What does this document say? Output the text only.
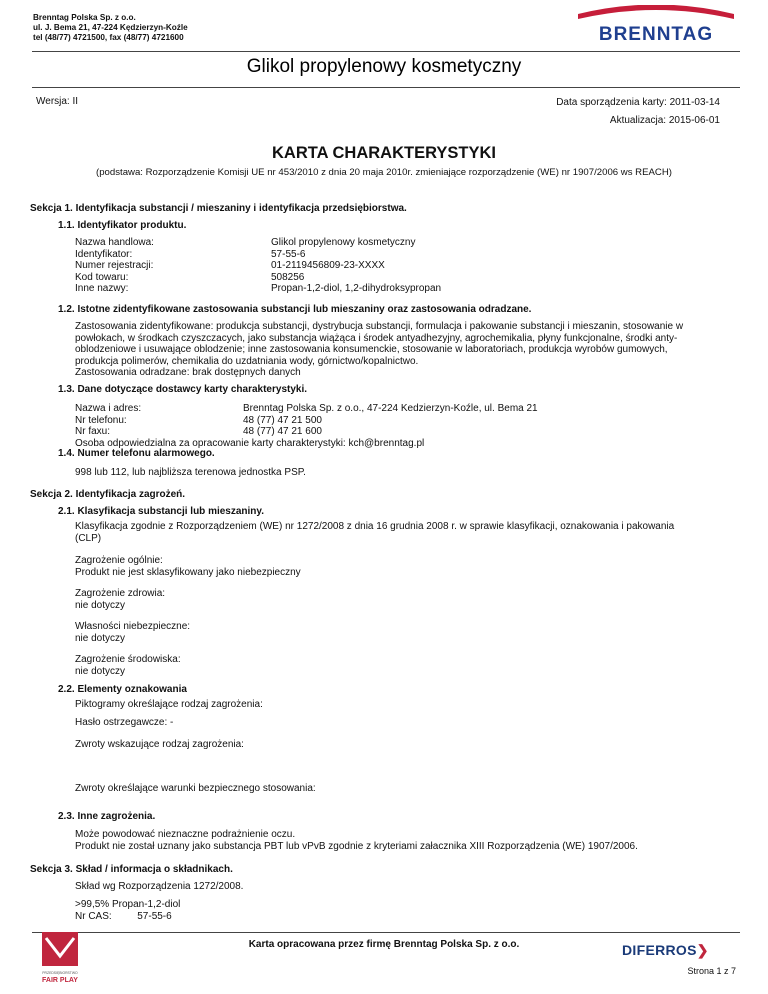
Brenntag Polska Sp. z o.o.
ul. J. Bema 21, 47-224 Kędzierzyn-Koźle
tel (48/77) 4721500, fax (48/77) 4721600	BRENNTAG
Glikol propylenowy kosmetyczny
Wersja: II	Data sporządzenia karty: 2011-03-14
Aktualizacja: 2015-06-01
KARTA CHARAKTERYSTYKI
(podstawa: Rozporządzenie Komisji UE nr 453/2010 z dnia 20 maja 2010r. zmieniające rozporządzenie (WE) nr 1907/2006 ws REACH)
Sekcja 1. Identyfikacja substancji / mieszaniny i identyfikacja przedsiębiorstwa.
1.1. Identyfikator produktu.
Nazwa handlowa:	Glikol propylenowy kosmetyczny
Identyfikator:	57-55-6
Numer rejestracji:	01-2119456809-23-XXXX
Kod towaru:	508256
Inne nazwy:	Propan-1,2-diol, 1,2-dihydroksypropan
1.2. Istotne zidentyfikowane zastosowania substancji lub mieszaniny oraz zastosowania odradzane.
Zastosowania zidentyfikowane: produkcja substancji, dystrybucja substancji, formulacja i pakowanie substancji i mieszanin, stosowanie w
powłokach, w środkach czyszczacych, jako substancja wiążąca i środek antyadhezyjny, agrochemikalia, płyny funkcjonalne, środki anty-
oblodzeniowe i usuwające oblodzenie; inne zastosowania konsumenckie, stosowanie w laboratoriach, produkcja wyrobów gumowych,
produkcja polimerów, chemikalia do uzdatniania wody, górnictwo/kopalnictwo.
Zastosowania odradzane: brak dostępnych danych
1.3. Dane dotyczące dostawcy karty charakterystyki.
Nazwa i adres:	Brenntag Polska Sp. z o.o., 47-224 Kedzierzyn-Koźle, ul. Bema 21
Nr telefonu:	48 (77) 47 21 500
Nr faxu:	48 (77) 47 21 600
Osoba odpowiedzialna za opracowanie karty charakterystyki: kch@brenntag.pl
1.4. Numer telefonu alarmowego.
998 lub 112, lub najbliższa terenowa jednostka PSP.
Sekcja 2. Identyfikacja zagrożeń.
2.1. Klasyfikacja substancji lub mieszaniny.
Klasyfikacja zgodnie z Rozporządzeniem (WE) nr 1272/2008 z dnia 16 grudnia 2008 r. w sprawie klasyfikacji, oznakowania i pakowania
(CLP)
Zagrożenie ogólnie:
Produkt nie jest sklasyfikowany jako niebezpieczny
Zagrożenie zdrowia:
nie dotyczy
Własności niebezpieczne:
nie dotyczy
Zagrożenie środowiska:
nie dotyczy
2.2. Elementy oznakowania
Piktogramy określające rodzaj zagrożenia:
Hasło ostrzegawcze: -
Zwroty wskazujące rodzaj zagrożenia:
Zwroty określające warunki bezpiecznego stosowania:
2.3. Inne zagrożenia.
Może powodować nieznaczne podrażnienie oczu.
Produkt nie został uznany jako substancja PBT lub vPvB zgodnie z kryteriami załacznika XIII Rozporządzenia (WE) 1907/2006.
Sekcja 3. Skład / informacja o składnikach.
Skład wg Rozporządzenia 1272/2008.
>99,5% Propan-1,2-diol
Nr CAS:	57-55-6
PRZEDSIĘBIORSTWO
FAIR PLAY
Karta opracowana przez firmę Brenntag Polska Sp. z o.o.	DIFERROS❯
Strona 1 z 7
